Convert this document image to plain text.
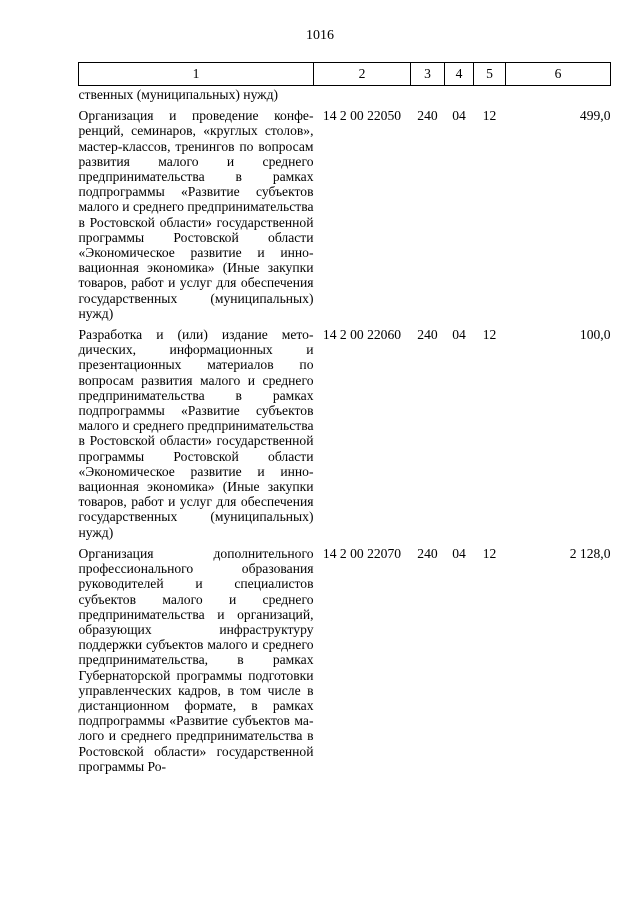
1016
1	2	3	4	5	6
ственных (муниципальных) нужд)					

Организация и проведение конференций, семинаров, «круглых столов», мастер-классов, тренингов по вопросам развития малого и среднего предпринимательства в рамках подпрограммы «Развитие субъектов малого и среднего предпринимательства в Ростовской области» государственной программы Ростовской области «Экономическое развитие и инновационная экономика» (Иные закупки товаров, работ и услуг для обеспечения государственных (муниципальных) нужд)	14 2 00 22050	240	04	12	499,0

Разработка и (или) издание методических, информационных и презентационных материалов по вопросам развития малого и среднего предпринимательства в рамках подпрограммы «Развитие субъектов малого и среднего предпринимательства в Ростовской области» государственной программы Ростовской области «Экономическое развитие и инновационная экономика» (Иные закупки товаров, работ и услуг для обеспечения государственных (муниципальных) нужд)	14 2 00 22060	240	04	12	100,0

Организация дополнительного профессионального образования руководителей и специалистов субъектов малого и среднего предпринимательства и организаций, образующих инфраструктуру поддержки субъектов малого и среднего предпринимательства, в рамках Губернаторской программы подготовки управленческих кадров, в том числе в дистанционном формате, в рамках подпрограммы «Развитие субъектов малого и среднего предпринимательства в Ростовской области» государственной программы Ро-	14 2 00 22070	240	04	12	2 128,0
